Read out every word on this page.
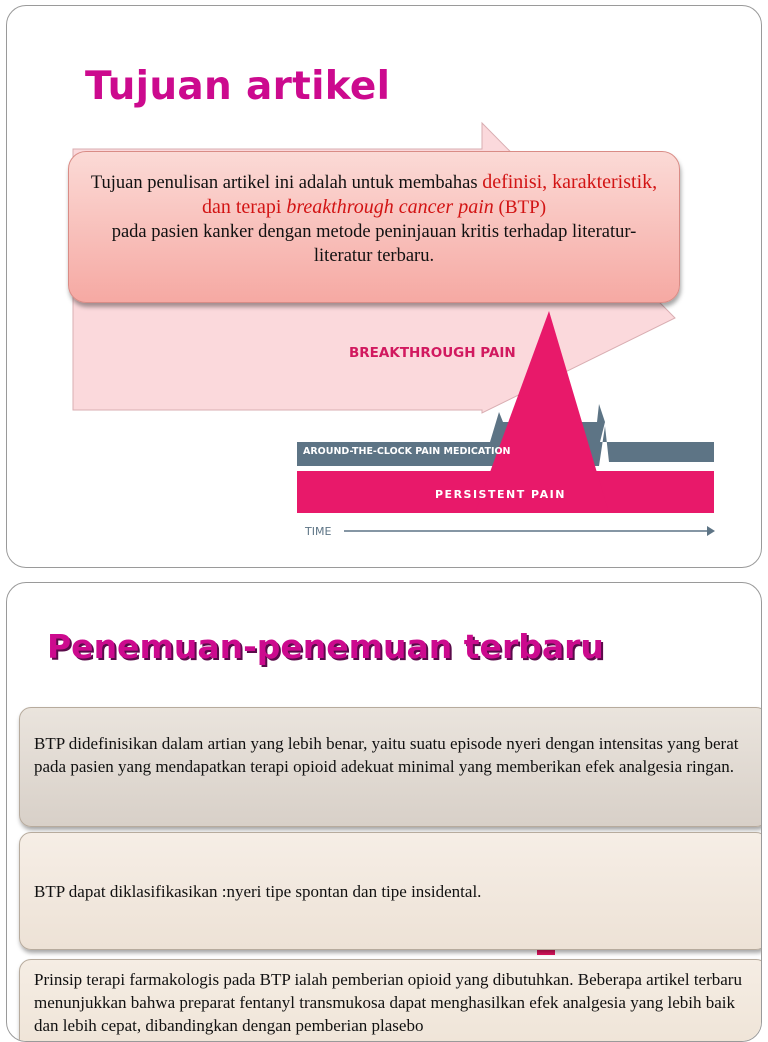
BREAKTHROUGH PAIN
AROUND-THE-CLOCK PAIN MEDICATION
PERSISTENT PAIN
TIME
Tujuan artikel
Tujuan penulisan artikel ini adalah untuk membahas definisi, karakteristik, dan terapi breakthrough cancer pain (BTP)
pada pasien kanker dengan metode peninjauan kritis terhadap literatur-literatur terbaru.
Penemuan-penemuan terbaru
BTP didefinisikan dalam artian yang lebih benar, yaitu suatu episode nyeri dengan intensitas yang berat pada pasien yang mendapatkan terapi opioid adekuat minimal yang memberikan efek analgesia ringan.
BTP dapat diklasifikasikan :nyeri tipe spontan dan tipe insidental.
Prinsip terapi farmakologis pada BTP ialah pemberian opioid yang dibutuhkan. Beberapa artikel terbaru menunjukkan bahwa preparat fentanyl transmukosa dapat menghasilkan efek analgesia yang lebih baik dan lebih cepat, dibandingkan dengan pemberian plasebo
